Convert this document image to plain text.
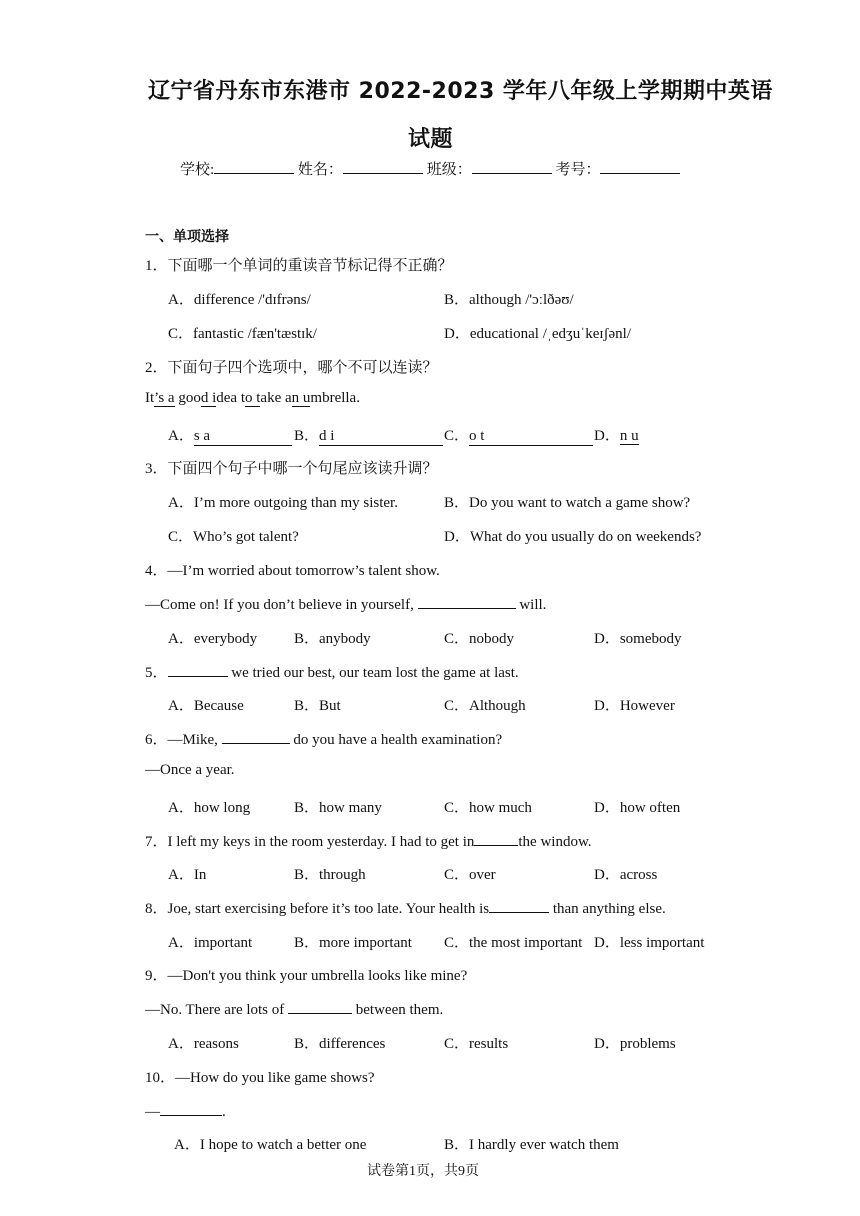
辽宁省丹东市东港市 2022-2023 学年八年级上学期期中英语
试题
学校:	姓名：	班级：	考号：
一、单项选择
1．下面哪一个单词的重读音节标记得不正确？
A．difference /'dɪfrəns/	B．although /'ɔːlðəʊ/
C．fantastic /fæn'tæstɪk/	D．educational /ˌedʒuˈkeɪʃənl/
2．下面句子四个选项中，哪个不可以连读？
It’s a good idea to take an umbrella.
A．s a	B．d i	C．o t	D．n u
3．下面四个句子中哪一个句尾应该读升调？
A．I’m more outgoing than my sister.	B．Do you want to watch a game show?
C．Who’s got talent?	D．What do you usually do on weekends?
4．—I’m worried about tomorrow’s talent show.
—Come on! If you don’t believe in yourself,	will.
A．everybody B．anybody	C．nobody	D．somebody
5．	we tried our best, our team lost the game at last.
A．Because	B．But	C．Although	D．However
6．—Mike,	do you have a health examination?
—Once a year.
A．how long	B．how many	C．how much	D．how often
7．I left my keys in the room yesterday. I had to get in	the window.
A．In	B．through	C．over	D．across
8．Joe, start exercising before it’s too late. Your health is	than anything else.
A．important	B．more important C．the most important D．less important
9．—Don't you think your umbrella looks like mine?
—No. There are lots of	between them.
A．reasons	B．differences	C．results	D．problems
10．—How do you like game shows?
—	.
A．I hope to watch a better one	B．I hardly ever watch them
试卷第1页，共9页
